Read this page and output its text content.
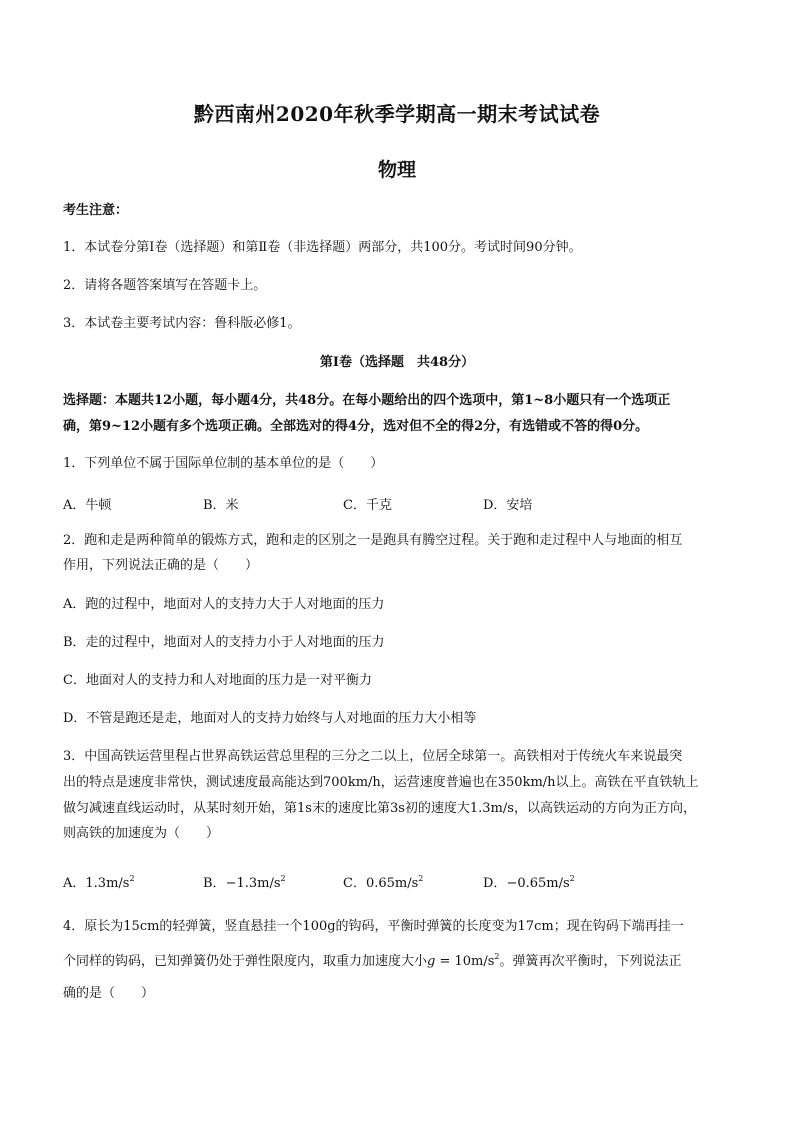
黔西南州2020年秋季学期高一期末考试试卷
物理
考生注意：
1．本试卷分第Ⅰ卷（选择题）和第Ⅱ卷（非选择题）两部分，共100分。考试时间90分钟。
2．请将各题答案填写在答题卡上。
3．本试卷主要考试内容：鲁科版必修1。
第Ⅰ卷（选择题　共48分）
选择题：本题共12小题，每小题4分，共48分。在每小题给出的四个选项中，第1~8小题只有一个选项正
确，第9~12小题有多个选项正确。全部选对的得4分，选对但不全的得2分，有选错或不答的得0分。
1．下列单位不属于国际单位制的基本单位的是（　　）
A．牛顿	B．米	C．千克	D．安培
2．跑和走是两种简单的锻炼方式，跑和走的区别之一是跑具有腾空过程。关于跑和走过程中人与地面的相互
作用，下列说法正确的是（　　）
A．跑的过程中，地面对人的支持力大于人对地面的压力
B．走的过程中，地面对人的支持力小于人对地面的压力
C．地面对人的支持力和人对地面的压力是一对平衡力
D．不管是跑还是走，地面对人的支持力始终与人对地面的压力大小相等
3．中国高铁运营里程占世界高铁运营总里程的三分之二以上，位居全球第一。高铁相对于传统火车来说最突
出的特点是速度非常快，测试速度最高能达到700km/h，运营速度普遍也在350km/h以上。高铁在平直铁轨上
做匀减速直线运动时，从某时刻开始，第1s末的速度比第3s初的速度大1.3m/s，以高铁运动的方向为正方向，
则高铁的加速度为（　　）
A．$1.3m/s^2$	B．$-1.3m/s^2$	C．$0.65m/s^2$	D．$-0.65m/s^2$
4．原长为15cm的轻弹簧，竖直悬挂一个100g的钩码，平衡时弹簧的长度变为17cm；现在钩码下端再挂一
个同样的钩码，已知弹簧仍处于弹性限度内，取重力加速度大小$g = 10m/s^2$。弹簧再次平衡时，下列说法正
确的是（　　）
